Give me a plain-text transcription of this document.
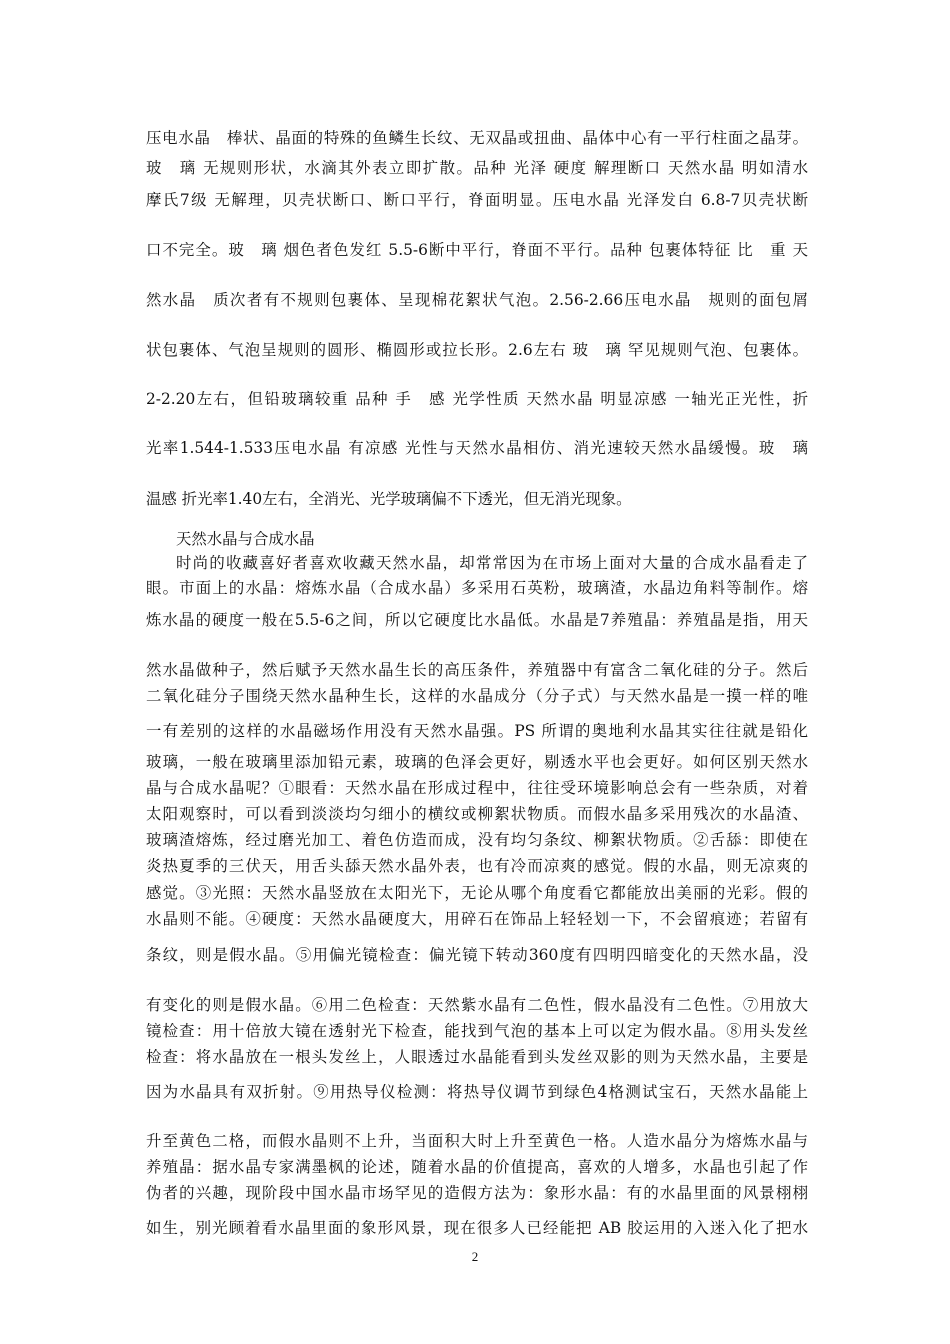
压电水晶　棒状、晶面的特殊的鱼鳞生长纹、无双晶或扭曲、晶体中心有一平行柱面之晶芽。
玻　璃 无规则形状，水滴其外表立即扩散。品种 光泽 硬度 解理断口 天然水晶 明如清水
摩氏7级 无解理，贝壳状断口、断口平行，脊面明显。压电水晶 光泽发白 6.8-7贝壳状断
口不完全。玻　璃 烟色者色发红 5.5-6断中平行，脊面不平行。品种 包裹体特征 比　重 天
然水晶　质次者有不规则包裹体、呈现棉花絮状气泡。2.56-2.66压电水晶　规则的面包屑
状包裹体、气泡呈规则的圆形、椭圆形或拉长形。2.6左右 玻　璃 罕见规则气泡、包裹体。
2-2.20左右，但铅玻璃较重 品种 手　感 光学性质 天然水晶 明显凉感 一轴光正光性，折
光率1.544-1.533压电水晶 有凉感 光性与天然水晶相仿、消光速较天然水晶缓慢。玻　璃
温感 折光率1.40左右，全消光、光学玻璃偏不下透光，但无消光现象。
天然水晶与合成水晶
时尚的收藏喜好者喜欢收藏天然水晶，却常常因为在市场上面对大量的合成水晶看走了
眼。市面上的水晶：熔炼水晶（合成水晶）多采用石英粉，玻璃渣，水晶边角料等制作。熔
炼水晶的硬度一般在5.5-6之间，所以它硬度比水晶低。水晶是7养殖晶：养殖晶是指，用天
然水晶做种子，然后赋予天然水晶生长的高压条件，养殖器中有富含二氧化硅的分子。然后
二氧化硅分子围绕天然水晶种生长，这样的水晶成分（分子式）与天然水晶是一摸一样的唯
一有差别的这样的水晶磁场作用没有天然水晶强。PS 所谓的奥地利水晶其实往往就是铅化
玻璃，一般在玻璃里添加铅元素，玻璃的色泽会更好，剔透水平也会更好。如何区别天然水
晶与合成水晶呢？①眼看：天然水晶在形成过程中，往往受环境影响总会有一些杂质，对着
太阳观察时，可以看到淡淡均匀细小的横纹或柳絮状物质。而假水晶多采用残次的水晶渣、
玻璃渣熔炼，经过磨光加工、着色仿造而成，没有均匀条纹、柳絮状物质。②舌舔：即使在
炎热夏季的三伏天，用舌头舔天然水晶外表，也有冷而凉爽的感觉。假的水晶，则无凉爽的
感觉。③光照：天然水晶竖放在太阳光下，无论从哪个角度看它都能放出美丽的光彩。假的
水晶则不能。④硬度：天然水晶硬度大，用碎石在饰品上轻轻划一下，不会留痕迹；若留有
条纹，则是假水晶。⑤用偏光镜检查：偏光镜下转动360度有四明四暗变化的天然水晶，没
有变化的则是假水晶。⑥用二色检查：天然紫水晶有二色性，假水晶没有二色性。⑦用放大
镜检查：用十倍放大镜在透射光下检查，能找到气泡的基本上可以定为假水晶。⑧用头发丝
检查：将水晶放在一根头发丝上，人眼透过水晶能看到头发丝双影的则为天然水晶，主要是
因为水晶具有双折射。⑨用热导仪检测：将热导仪调节到绿色4格测试宝石，天然水晶能上
升至黄色二格，而假水晶则不上升，当面积大时上升至黄色一格。人造水晶分为熔炼水晶与
养殖晶：据水晶专家满墨枫的论述，随着水晶的价值提高，喜欢的人增多，水晶也引起了作
伪者的兴趣，现阶段中国水晶市场罕见的造假方法为：象形水晶：有的水晶里面的风景栩栩
如生，别光顾着看水晶里面的象形风景，现在很多人已经能把 AB 胶运用的入迷入化了把水
2
